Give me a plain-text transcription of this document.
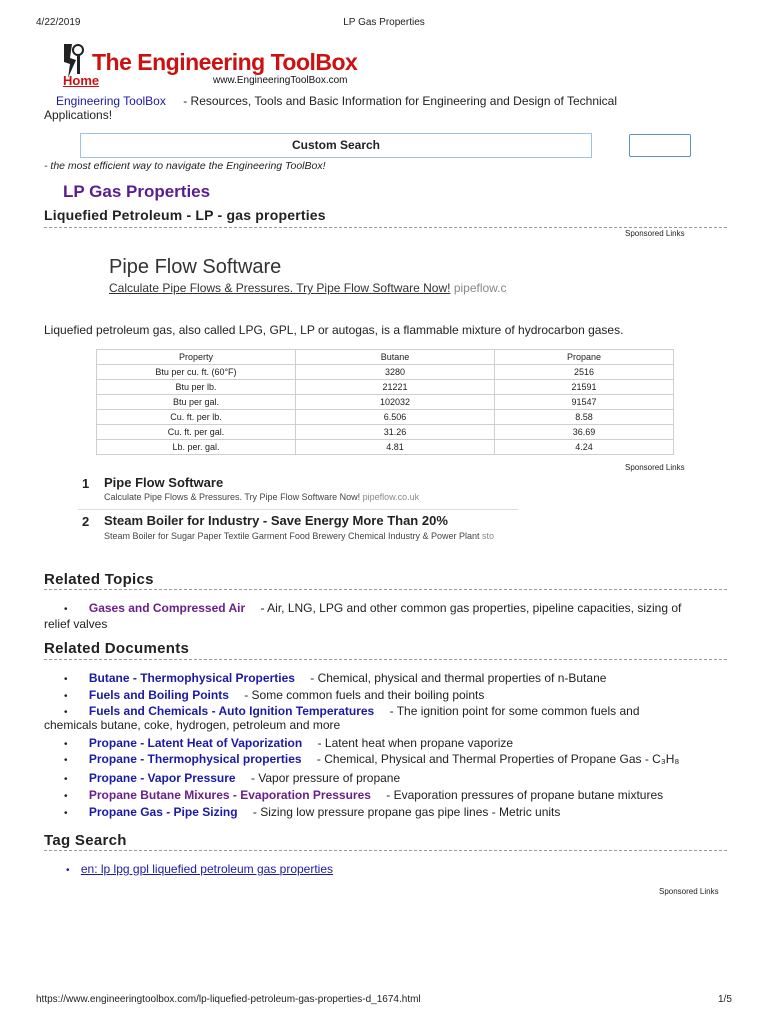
4/22/2019	LP Gas Properties
The Engineering ToolBox
www.EngineeringToolBox.com
Home
Engineering ToolBox - Resources, Tools and Basic Information for Engineering and Design of Technical
Applications!
Custom Search
- the most efficient way to navigate the Engineering ToolBox!
LP Gas Properties
Liquefied Petroleum - LP - gas properties
Sponsored Links
Pipe Flow Software
Calculate Pipe Flows & Pressures. Try Pipe Flow Software Now! pipeflow.c
Liquefied petroleum gas, also called LPG, GPL, LP or autogas, is a flammable mixture of hydrocarbon gases.
Property	Butane	Propane
Btu per cu. ft. (60°F)	3280	2516
Btu per lb.	21221	21591
Btu per gal.	102032	91547
Cu. ft. per lb.	6.506	8.58
Cu. ft. per gal.	31.26	36.69
Lb. per. gal.	4.81	4.24
Sponsored Links
1 Pipe Flow Software
Calculate Pipe Flows & Pressures. Try Pipe Flow Software Now! pipeflow.co.uk
2 Steam Boiler for Industry - Save Energy More Than 20%
Steam Boiler for Sugar Paper Textile Garment Food Brewery Chemical Industry & Power Plant sto
Related Topics
• Gases and Compressed Air - Air, LNG, LPG and other common gas properties, pipeline capacities, sizing of
relief valves
Related Documents
• Butane - Thermophysical Properties - Chemical, physical and thermal properties of n-Butane
• Fuels and Boiling Points - Some common fuels and their boiling points
• Fuels and Chemicals - Auto Ignition Temperatures - The ignition point for some common fuels and
chemicals butane, coke, hydrogen, petroleum and more
• Propane - Latent Heat of Vaporization - Latent heat when propane vaporize
• Propane - Thermophysical properties - Chemical, Physical and Thermal Properties of Propane Gas - C₃H₈
• Propane - Vapor Pressure - Vapor pressure of propane
• Propane Butane Mixures - Evaporation Pressures - Evaporation pressures of propane butane mixtures
• Propane Gas - Pipe Sizing - Sizing low pressure propane gas pipe lines - Metric units
Tag Search
• en: lp lpg gpl liquefied petroleum gas properties
Sponsored Links
https://www.engineeringtoolbox.com/lp-liquefied-petroleum-gas-properties-d_1674.html	1/5
